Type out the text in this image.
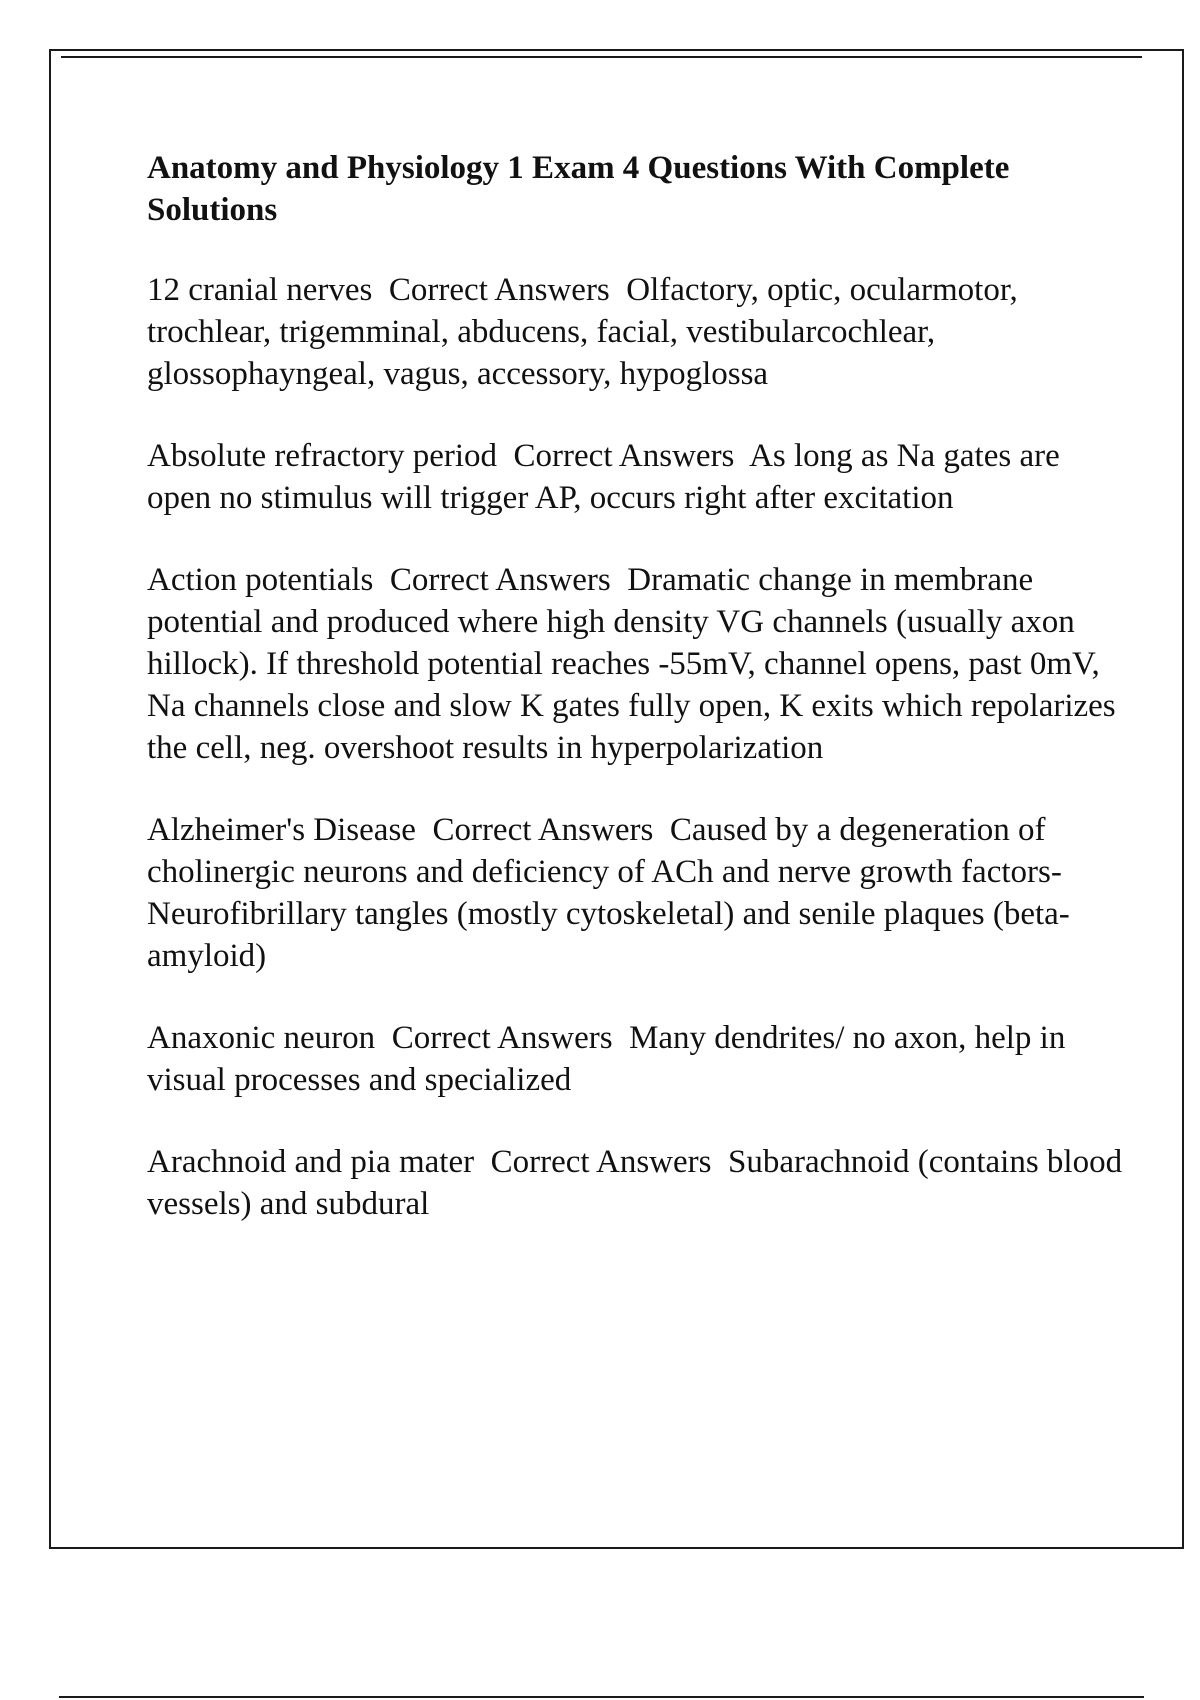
Anatomy and Physiology 1 Exam 4 Questions With Complete Solutions

12 cranial nerves Correct Answers Olfactory, optic, ocularmotor, trochlear, trigemminal, abducens, facial, vestibularcochlear, glossophayngeal, vagus, accessory, hypoglossa

Absolute refractory period Correct Answers As long as Na gates are open no stimulus will trigger AP, occurs right after excitation

Action potentials Correct Answers Dramatic change in membrane potential and produced where high density VG channels (usually axon hillock). If threshold potential reaches -55mV, channel opens, past 0mV, Na channels close and slow K gates fully open, K exits which repolarizes the cell, neg. overshoot results in hyperpolarization

Alzheimer's Disease Correct Answers Caused by a degeneration of cholinergic neurons and deficiency of ACh and nerve growth factors- Neurofibrillary tangles (mostly cytoskeletal) and senile plaques (beta-amyloid)

Anaxonic neuron Correct Answers Many dendrites/ no axon, help in visual processes and specialized

Arachnoid and pia mater Correct Answers Subarachnoid (contains blood vessels) and subdural
